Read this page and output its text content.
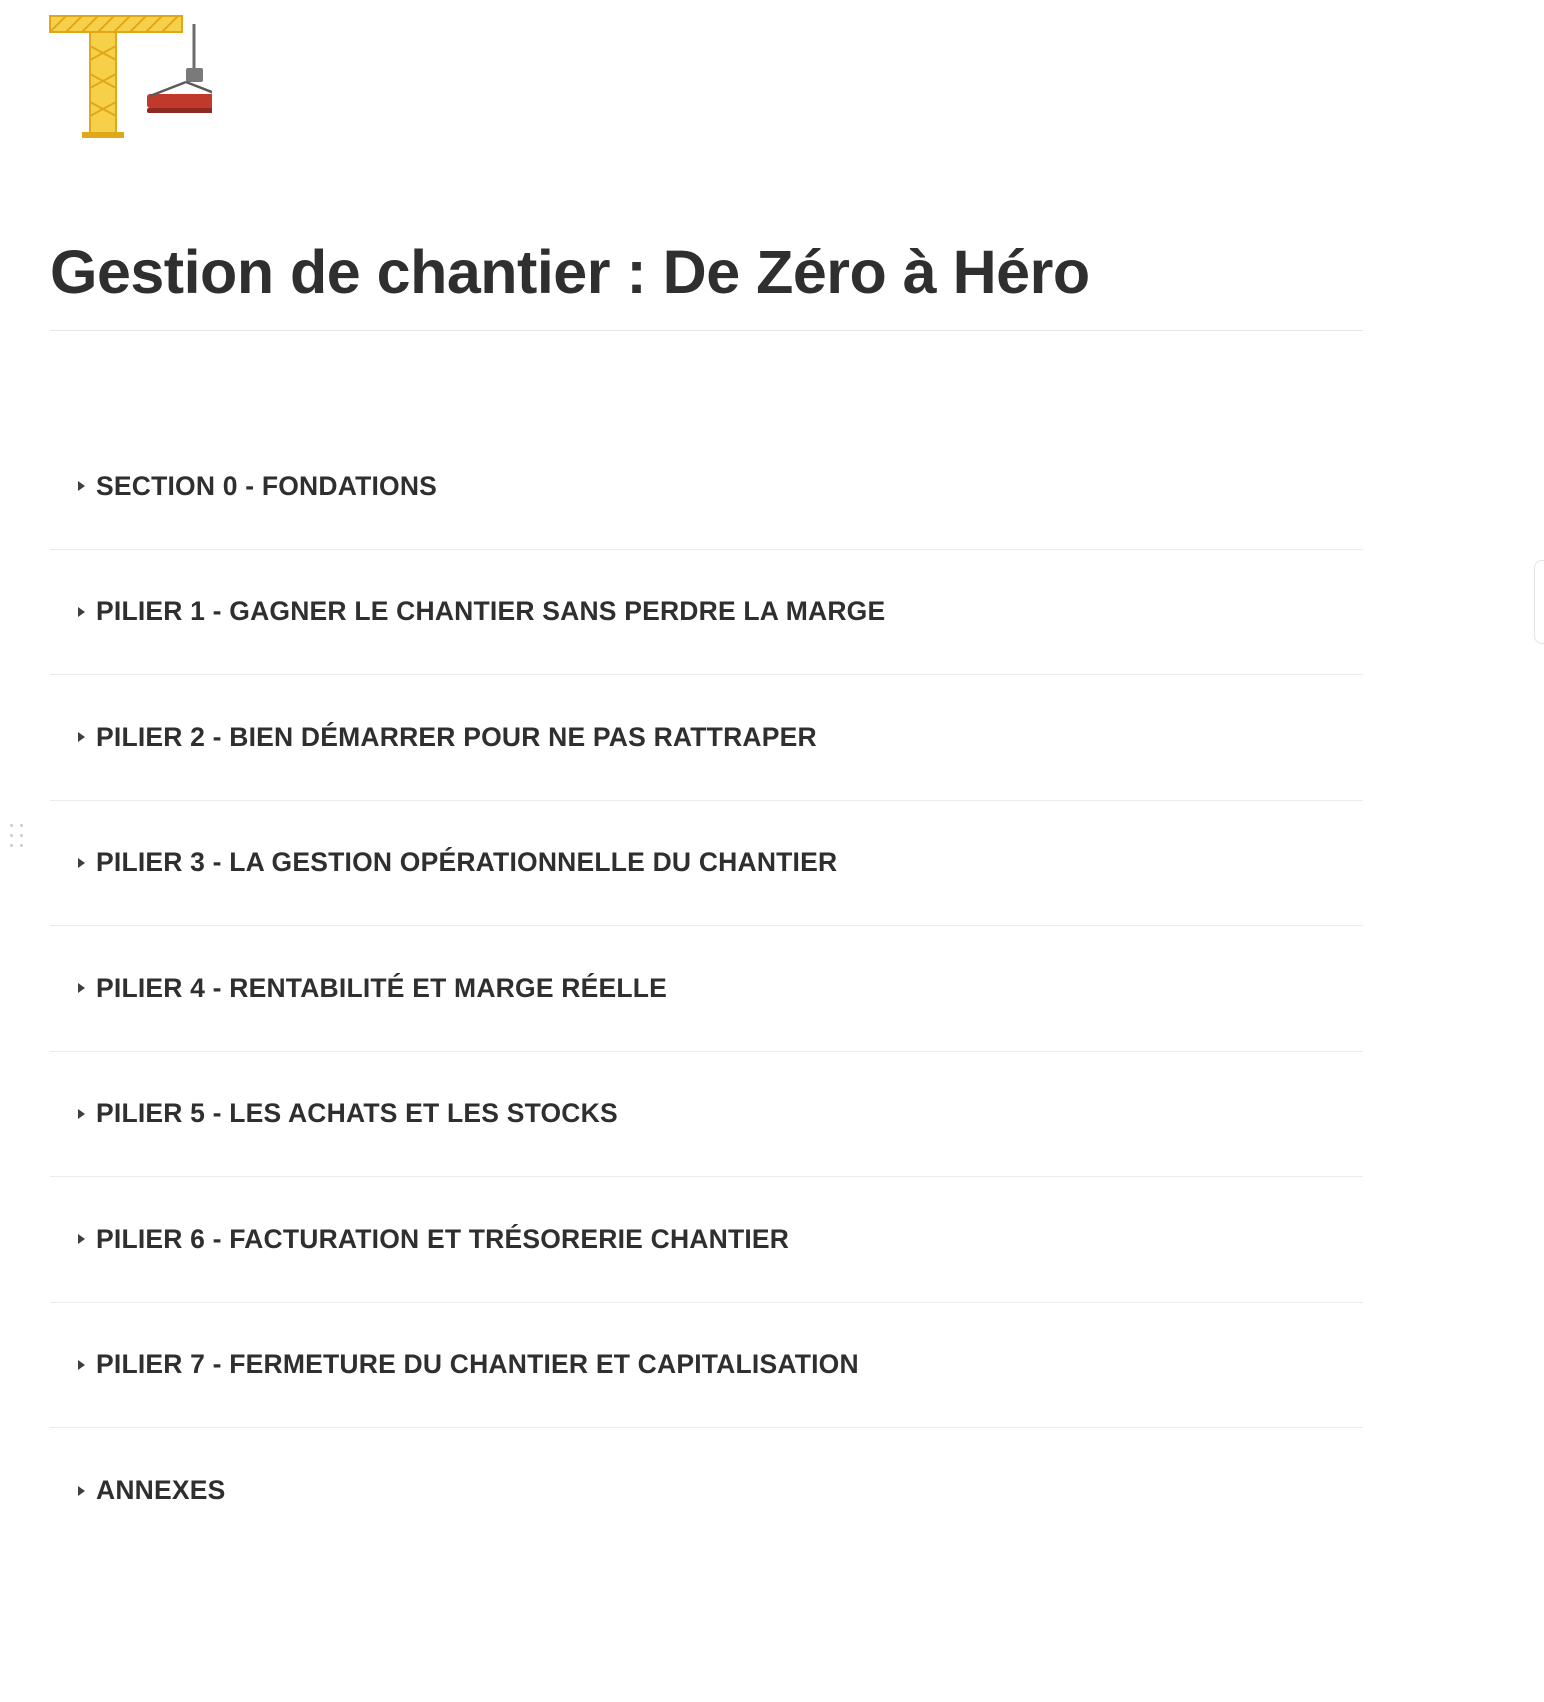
Gestion de chantier : De Zéro à Héro
SECTION 0 - FONDATIONS
PILIER 1 - GAGNER LE CHANTIER SANS PERDRE LA MARGE
PILIER 2 - BIEN DÉMARRER POUR NE PAS RATTRAPER
PILIER 3 - LA GESTION OPÉRATIONNELLE DU CHANTIER
PILIER 4 - RENTABILITÉ ET MARGE RÉELLE
PILIER 5 - LES ACHATS ET LES STOCKS
PILIER 6 - FACTURATION ET TRÉSORERIE CHANTIER
PILIER 7 - FERMETURE DU CHANTIER ET CAPITALISATION
ANNEXES
